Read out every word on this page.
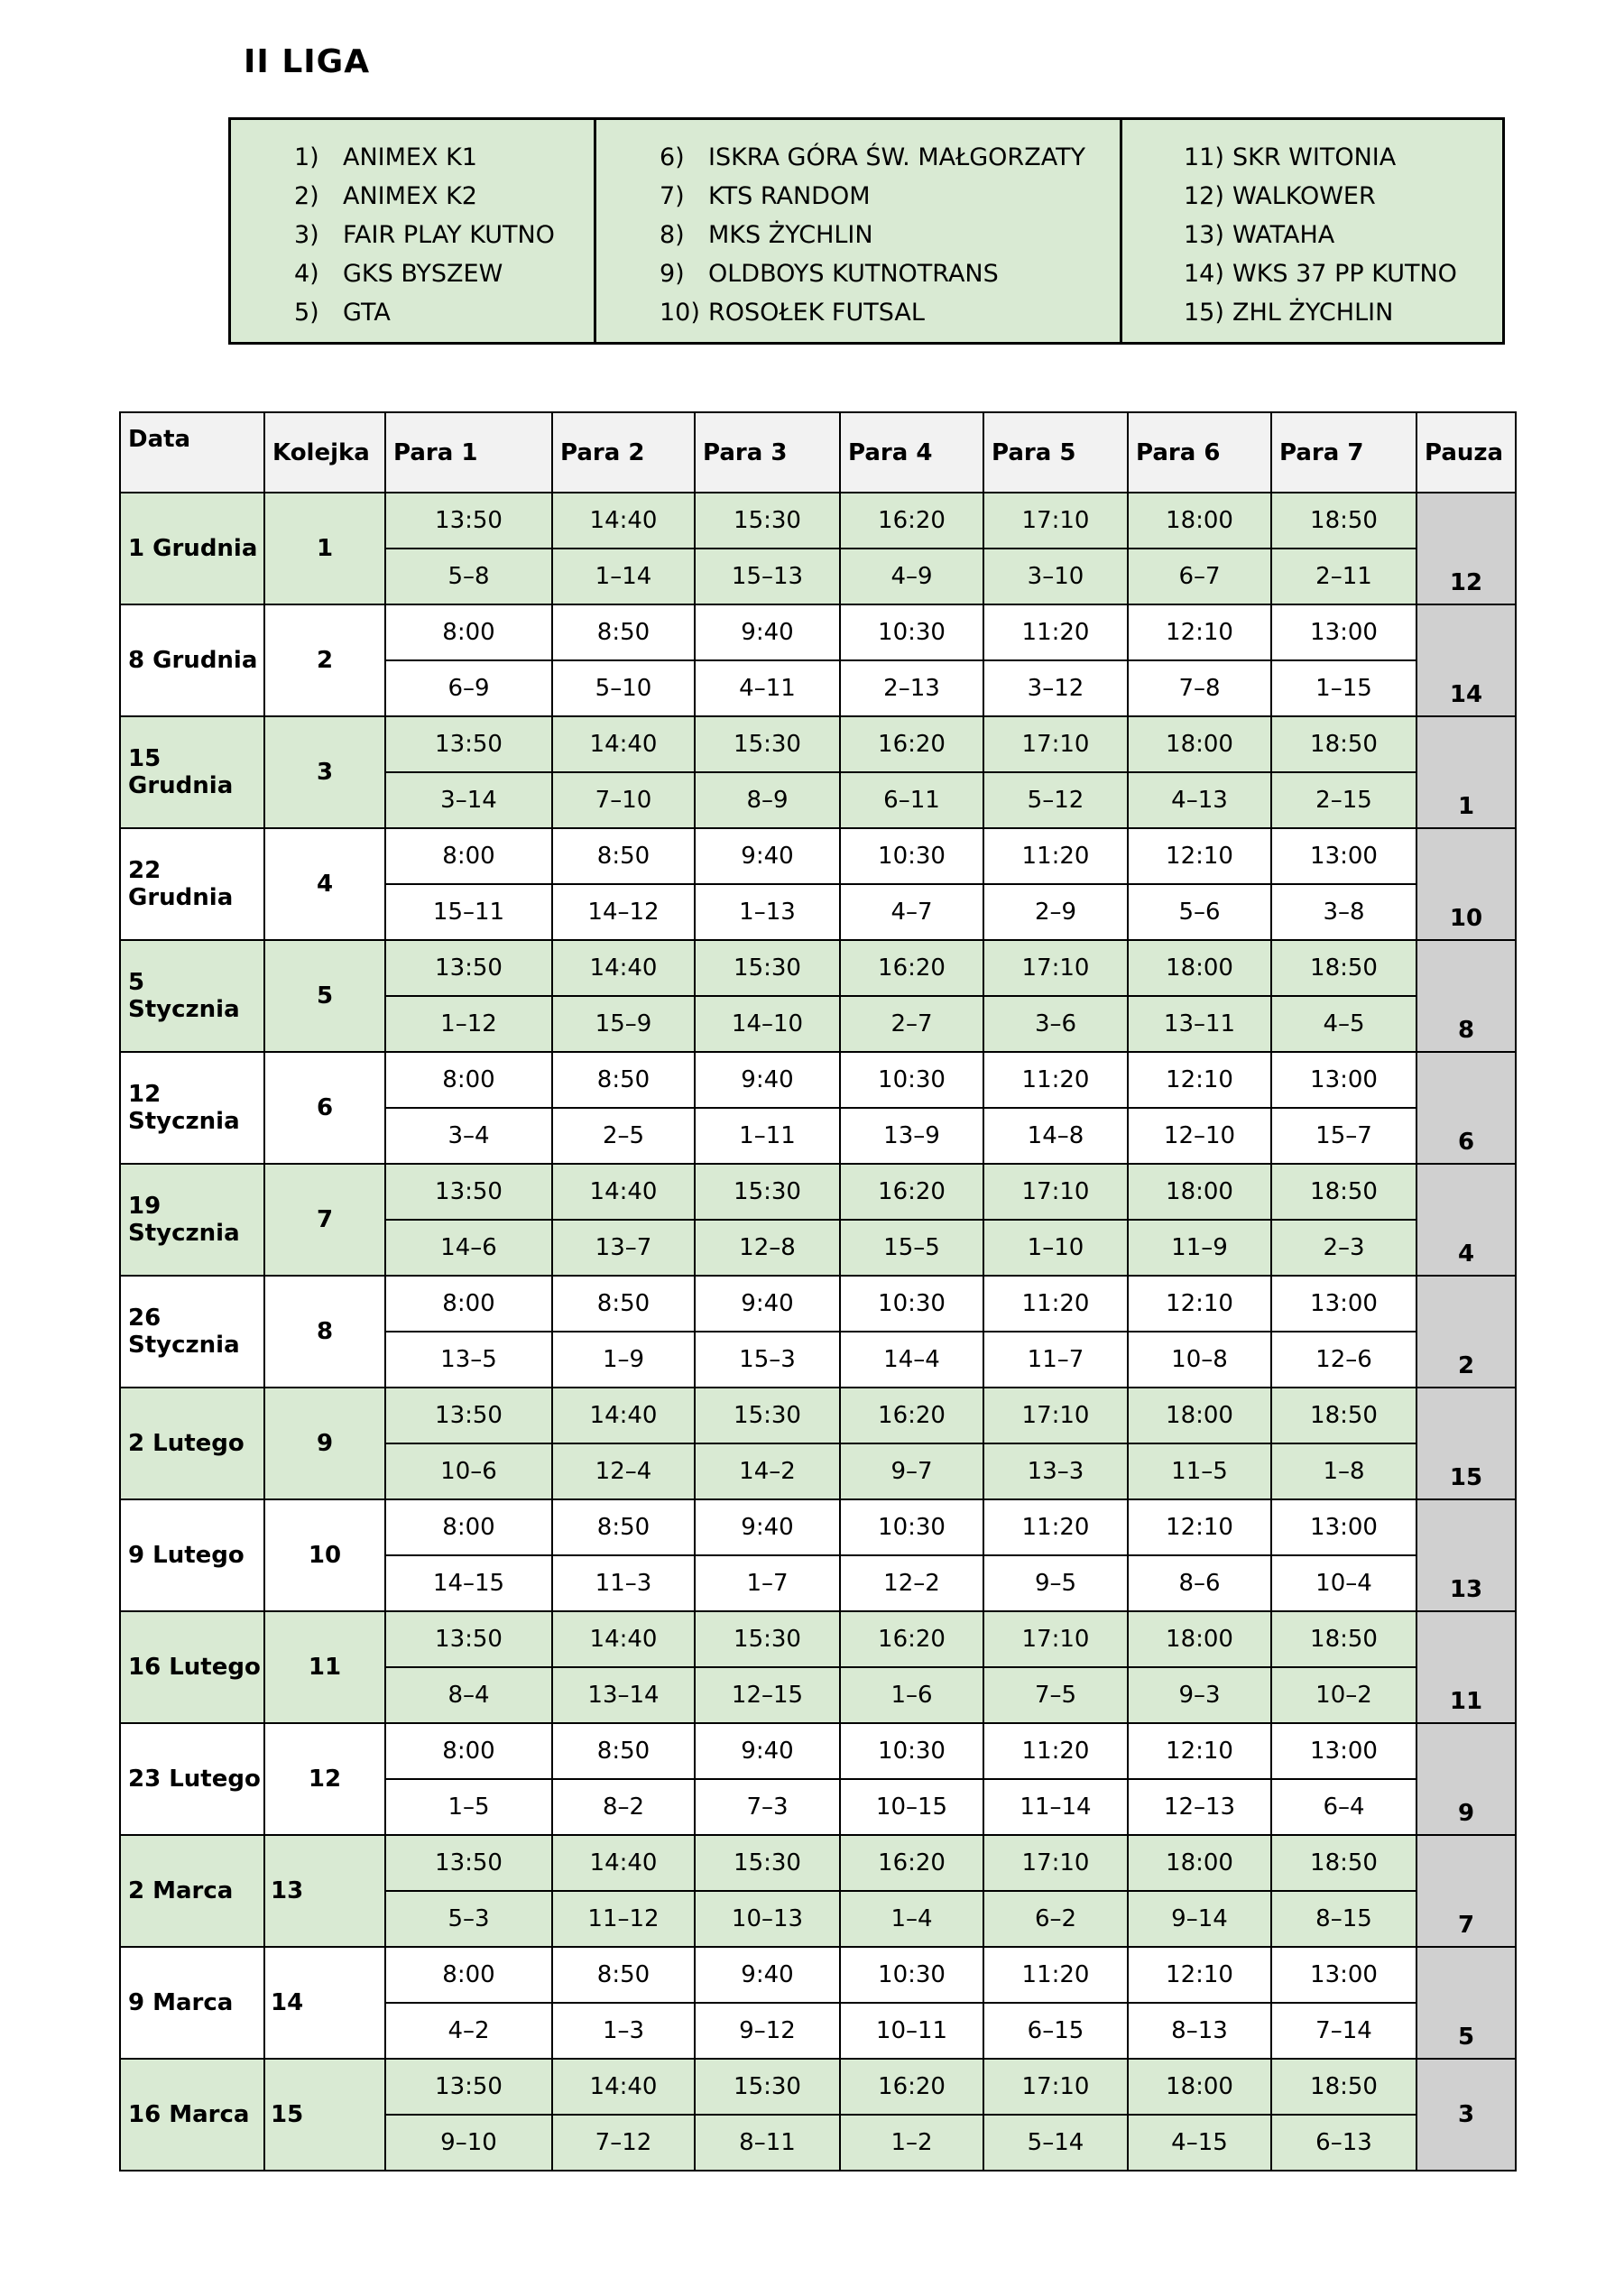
II LIGA
1) ANIMEX K1
2) ANIMEX K2
3) FAIR PLAY KUTNO
4) GKS BYSZEW
5) GTA
6) ISKRA GÓRA ŚW. MAŁGORZATY
7) KTS RANDOM
8) MKS ŻYCHLIN
9) OLDBOYS KUTNOTRANS
10) ROSOŁEK FUTSAL
11) SKR WITONIA
12) WALKOWER
13) WATAHA
14) WKS 37 PP KUTNO
15) ZHL ŻYCHLIN
Data	Kolejka	Para 1	Para 2	Para 3	Para 4	Para 5	Para 6	Para 7	Pauza
1 Grudnia	1	13:50	14:40	15:30	16:20	17:10	18:00	18:50	12
		5–8	1–14	15–13	4–9	3–10	6–7	2–11	
8 Grudnia	2	8:00	8:50	9:40	10:30	11:20	12:10	13:00	14
		6–9	5–10	4–11	2–13	3–12	7–8	1–15	
15 Grudnia	3	13:50	14:40	15:30	16:20	17:10	18:00	18:50	1
		3–14	7–10	8–9	6–11	5–12	4–13	2–15	
22 Grudnia	4	8:00	8:50	9:40	10:30	11:20	12:10	13:00	10
		15–11	14–12	1–13	4–7	2–9	5–6	3–8	
5 Stycznia	5	13:50	14:40	15:30	16:20	17:10	18:00	18:50	8
		1–12	15–9	14–10	2–7	3–6	13–11	4–5	
12 Stycznia	6	8:00	8:50	9:40	10:30	11:20	12:10	13:00	6
		3–4	2–5	1–11	13–9	14–8	12–10	15–7	
19 Stycznia	7	13:50	14:40	15:30	16:20	17:10	18:00	18:50	4
		14–6	13–7	12–8	15–5	1–10	11–9	2–3	
26 Stycznia	8	8:00	8:50	9:40	10:30	11:20	12:10	13:00	2
		13–5	1–9	15–3	14–4	11–7	10–8	12–6	
2 Lutego	9	13:50	14:40	15:30	16:20	17:10	18:00	18:50	15
		10–6	12–4	14–2	9–7	13–3	11–5	1–8	
9 Lutego	10	8:00	8:50	9:40	10:30	11:20	12:10	13:00	13
		14–15	11–3	1–7	12–2	9–5	8–6	10–4	
16 Lutego	11	13:50	14:40	15:30	16:20	17:10	18:00	18:50	11
		8–4	13–14	12–15	1–6	7–5	9–3	10–2	
23 Lutego	12	8:00	8:50	9:40	10:30	11:20	12:10	13:00	9
		1–5	8–2	7–3	10–15	11–14	12–13	6–4	
2 Marca	13	13:50	14:40	15:30	16:20	17:10	18:00	18:50	7
		5–3	11–12	10–13	1–4	6–2	9–14	8–15	
9 Marca	14	8:00	8:50	9:40	10:30	11:20	12:10	13:00	5
		4–2	1–3	9–12	10–11	6–15	8–13	7–14	
16 Marca	15	13:50	14:40	15:30	16:20	17:10	18:00	18:50	3
		9–10	7–12	8–11	1–2	5–14	4–15	6–13	
